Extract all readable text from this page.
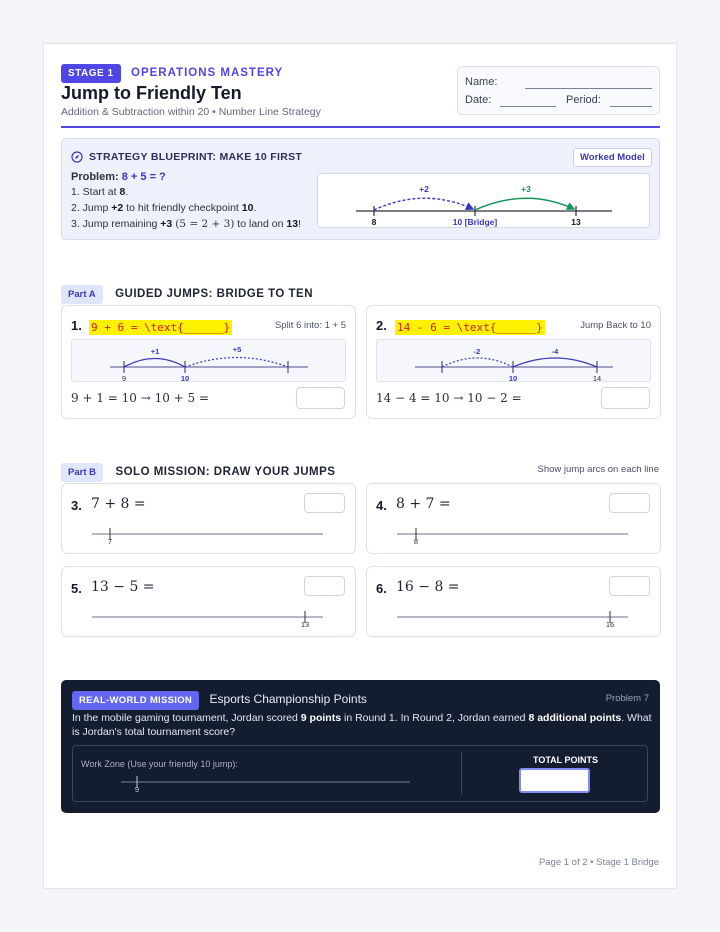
STAGE 1 OPERATIONS MASTERY
Jump to Friendly Ten
Addition & Subtraction within 20 • Number Line Strategy
Name:
Date:	Period:
STRATEGY BLUEPRINT: MAKE 10 FIRST	Worked Model
Problem: 8 + 5 = ?
1. Start at 8.
2. Jump +2 to hit friendly checkpoint 10.
3. Jump remaining +3 (5 = 2 + 3) to land on 13!
+2	+3
8	10 [Bridge]	13
Part A GUIDED JUMPS: BRIDGE TO TEN
1. 9 + 6 = \text{______}	Split 6 into: 1 + 5
+1	+5
9	10
9 + 1 = 10 → 10 + 5 =
2. 14 - 6 = \text{______}	Jump Back to 10
-2	-4
10	14
14 − 4 = 10 → 10 − 2 =
Part B SOLO MISSION: DRAW YOUR JUMPS	Show jump arcs on each line
3. 7 + 8 =
7
4. 8 + 7 =
8
5. 13 − 5 =
13
6. 16 − 8 =
16
REAL-WORLD MISSION Esports Championship Points	Problem 7
In the mobile gaming tournament, Jordan scored 9 points in Round 1. In Round 2, Jordan earned 8 additional points. What is Jordan's total tournament score?
Work Zone (Use your friendly 10 jump):
9
TOTAL POINTS
Page 1 of 2 • Stage 1 Bridge
